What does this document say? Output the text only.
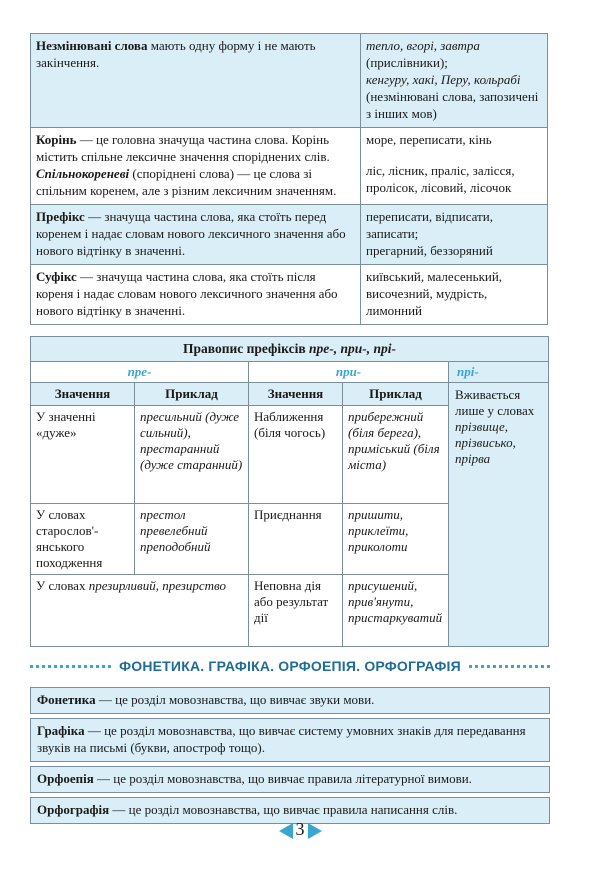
Незмінювані слова мають одну форму і не мають закінчення.	тепло, вгорі, завтра (прислівники);
кенгуру, хакі, Перу, кольрабі (незмінювані слова, запозичені з інших мов)
Корінь — це головна значуща частина слова. Корінь містить спільне лексичне значення споріднених слів.
Спільнокореневі (споріднені слова) — це слова зі спільним коренем, але з різним лексичним значенням.	море, переписати, кінь

ліс, лісник, праліс, залісся, пролісок, лісовий, лісочок

Префікс — значуща частина слова, яка стоїть перед коренем і надає словам нового лексичного значення або нового відтінку в значенні.	переписати, відписати, записати;
прегарний, беззоряний
Суфікс — значуща частина слова, яка стоїть після кореня і надає словам нового лексичного значення або нового відтінку в значенні.	київський, малесенький, височезний, мудрість, лимонний
Правопис префіксів пре-, при-, прі-				
пре-		при-		прі-
Значення	Приклад	Значення	Приклад	Вживається лише у словах прізвище, прізвисько, прірва
У значенні «дуже»	пресильний (дуже сильний), престаранний (дуже старанний)	Наближення (біля чогось)	прибережний (біля берега), приміський (біля міста)	
У словах старослов'янського походження	престол превелебний преподобний	Приєднання	пришити, приклеїти, приколоти	
У словах презирливий, презирство		Неповна дія або результат дії	присушений, прив'янути, пристаркуватий	
ФОНЕТИКА. ГРАФІКА. ОРФОЕПІЯ. ОРФОГРАФІЯ
Фонетика — це розділ мовознавства, що вивчає звуки мови.
Графіка — це розділ мовознавства, що вивчає систему умовних знаків для передавання звуків на письмі (букви, апостроф тощо).
Орфоепія — це розділ мовознавства, що вивчає правила літературної вимови.
Орфографія — це розділ мовознавства, що вивчає правила написання слів.
3
